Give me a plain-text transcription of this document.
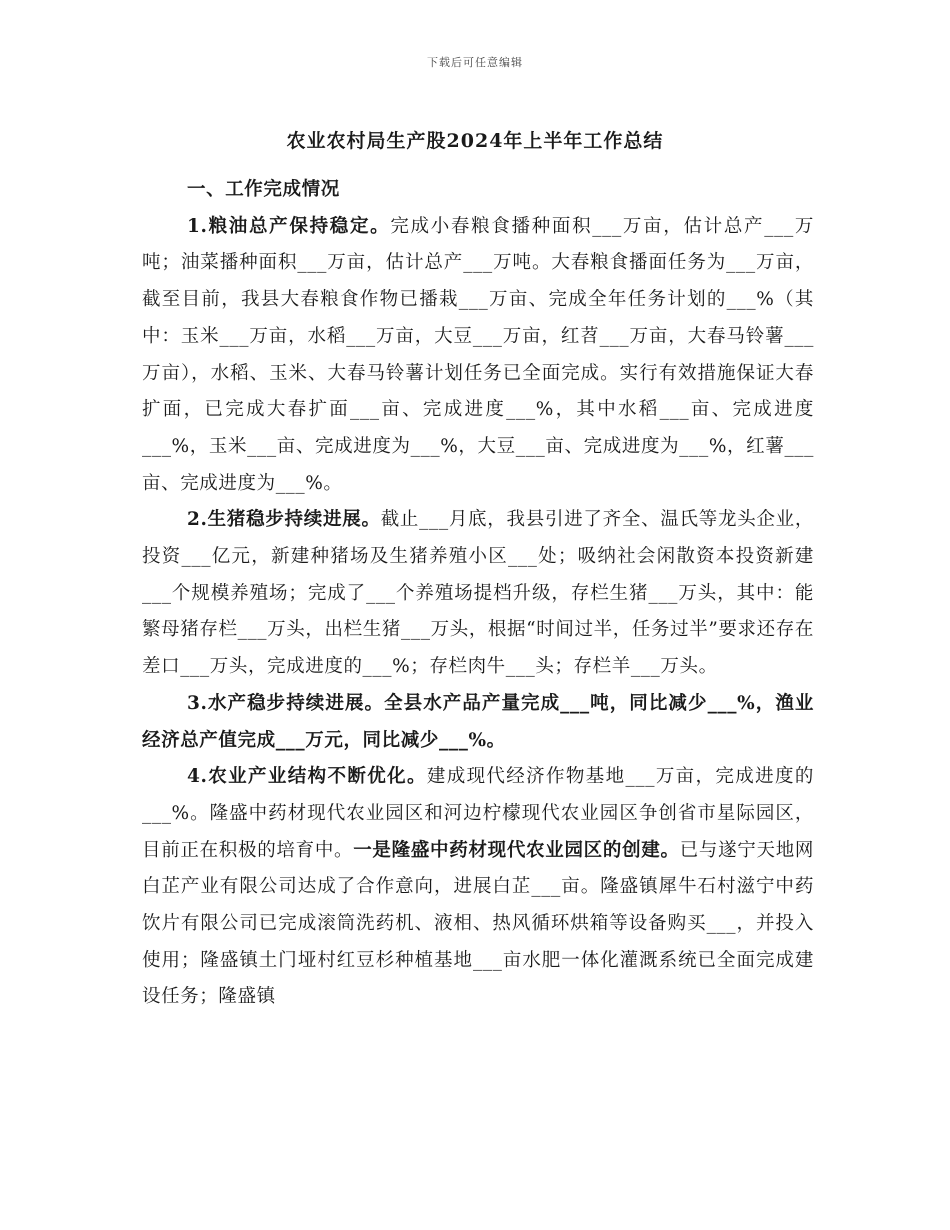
下载后可任意编辑
农业农村局生产股2024年上半年工作总结

一、工作完成情况

1.粮油总产保持稳定。完成小春粮食播种面积___万亩，估计总产___万吨；油菜播种面积___万亩，估计总产___万吨。大春粮食播面任务为___万亩，截至目前，我县大春粮食作物已播栽___万亩、完成全年任务计划的___%（其中：玉米___万亩，水稻___万亩，大豆___万亩，红苕___万亩，大春马铃薯___万亩），水稻、玉米、大春马铃薯计划任务已全面完成。实行有效措施保证大春扩面，已完成大春扩面___亩、完成进度___%，其中水稻___亩、完成进度___%，玉米___亩、完成进度为___%，大豆___亩、完成进度为___%，红薯___亩、完成进度为___%。

2.生猪稳步持续进展。截止___月底，我县引进了齐全、温氏等龙头企业，投资___亿元，新建种猪场及生猪养殖小区___处；吸纳社会闲散资本投资新建___个规模养殖场；完成了___个养殖场提档升级，存栏生猪___万头，其中：能繁母猪存栏___万头，出栏生猪___万头，根据“时间过半，任务过半”要求还存在差口___万头，完成进度的___%；存栏肉牛___头；存栏羊___万头。

3.水产稳步持续进展。全县水产品产量完成___吨，同比减少___%，渔业经济总产值完成___万元，同比减少___%。

4.农业产业结构不断优化。建成现代经济作物基地___万亩，完成进度的___%。隆盛中药材现代农业园区和河边柠檬现代农业园区争创省市星际园区，目前正在积极的培育中。一是隆盛中药材现代农业园区的创建。已与遂宁天地网白芷产业有限公司达成了合作意向，进展白芷___亩。隆盛镇犀牛石村滋宁中药饮片有限公司已完成滚筒洗药机、液相、热风循环烘箱等设备购买___，并投入使用；隆盛镇土门垭村红豆杉种植基地___亩水肥一体化灌溉系统已全面完成建设任务；隆盛镇
